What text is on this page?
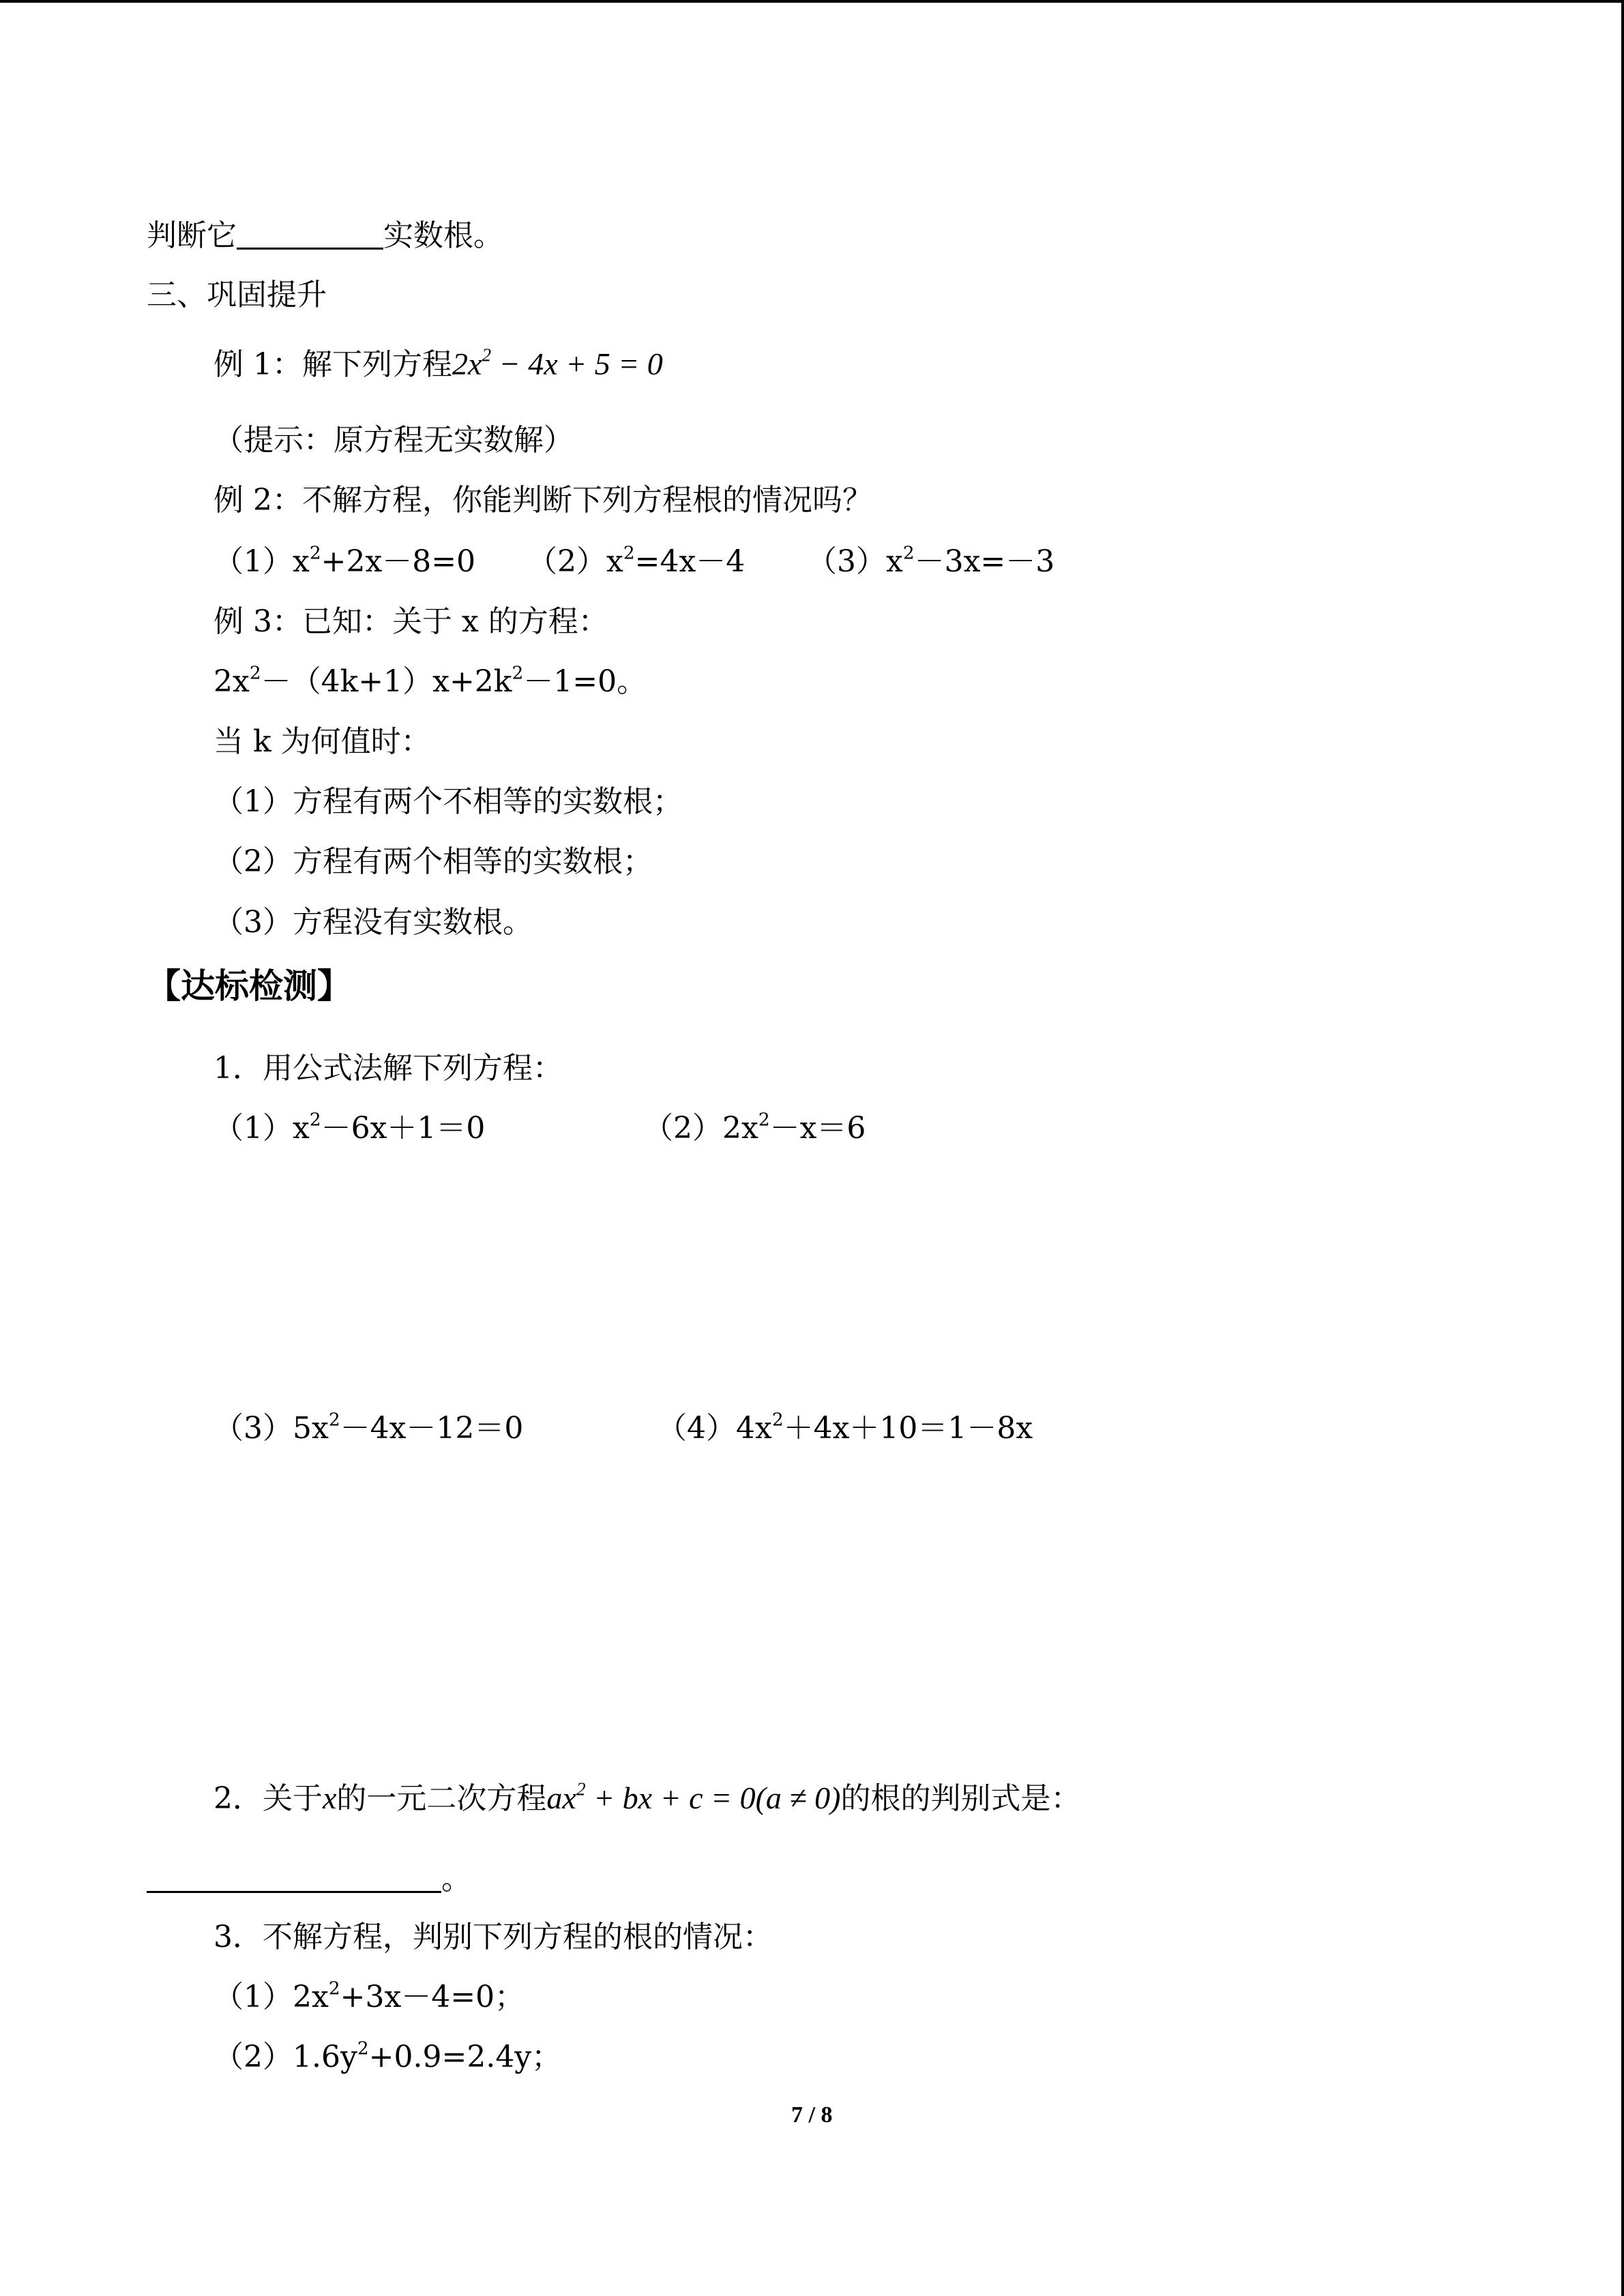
判断它	实数根。
三、巩固提升
例 1：解下列方程$2x^2 - 4x + 5 = 0$
（提示：原方程无实数解）
例 2：不解方程，你能判断下列方程根的情况吗？
$(1)x^2+2x-8=0$ $(2)x^2=4x-4$ $(3)x^2-3x=-3$
例 3：已知：关于 x 的方程：
$2x^2-(4k+1)x+2k^2-1=0$。
当 k 为何值时：
（1）方程有两个不相等的实数根；
（2）方程有两个相等的实数根；
（3）方程没有实数根。
【达标检测】
1．用公式法解下列方程：
$(1)x^2-6x+1=0$	$(2)2x^2-x=6$
$(3)5x^2-4x-12=0$	$(4)4x^2+4x+10=1-8x$
2．关于x的一元二次方程$ax^2$ + bx + c = 0(a ≠ 0)的根的判别式是：
。
3．不解方程，判别下列方程的根的情况：
$(1)2x^2+3x-4=0$；
$(2)1.6y^2+0.9=2.4y$；
7 / 8
